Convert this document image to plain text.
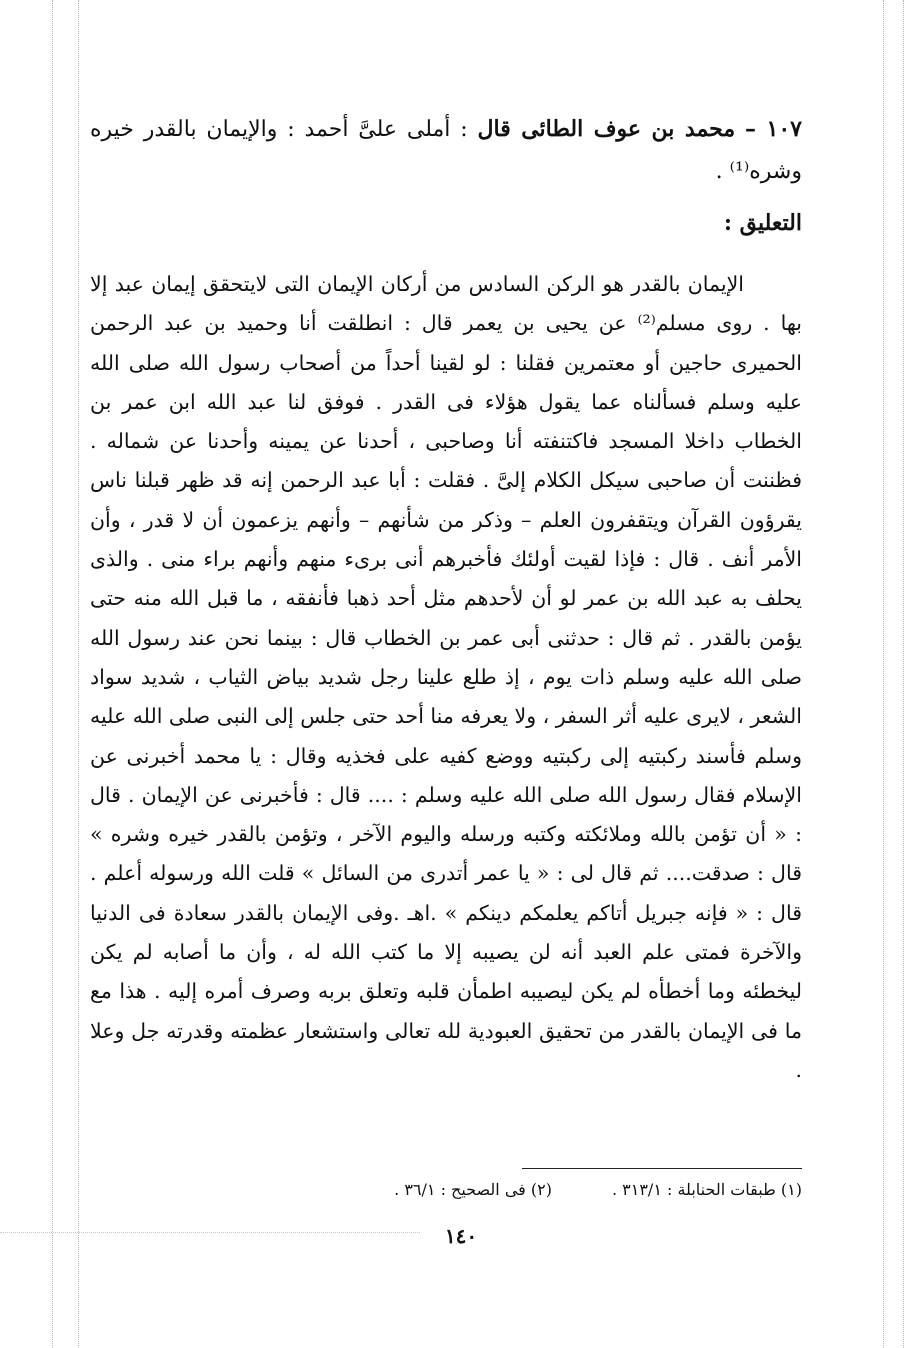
١٠٧ – محمد بن عوف الطائى قال : أملى علىَّ أحمد : والإيمان بالقدر خيره وشره⁽¹⁾ .
التعليق :

الإيمان بالقدر هو الركن السادس من أركان الإيمان التى لايتحقق إيمان عبد إلا بها . روى مسلم⁽²⁾ عن يحيى بن يعمر قال : انطلقت أنا وحميد بن عبد الرحمن الحميرى حاجين أو معتمرين فقلنا : لو لقينا أحداً من أصحاب رسول الله صلى الله عليه وسلم فسألناه عما يقول هؤلاء فى القدر . فوفق لنا عبد الله ابن عمر بن الخطاب داخلا المسجد فاكتنفته أنا وصاحبى ، أحدنا عن يمينه وأحدنا عن شماله . فظننت أن صاحبى سيكل الكلام إلىَّ . فقلت : أبا عبد الرحمن إنه قد ظهر قبلنا ناس يقرؤون القرآن ويتقفرون العلم – وذكر من شأنهم – وأنهم يزعمون أن لا قدر ، وأن الأمر أنف . قال : فإذا لقيت أولئك فأخبرهم أنى برىء منهم وأنهم براء منى . والذى يحلف به عبد الله بن عمر لو أن لأحدهم مثل أحد ذهبا فأنفقه ، ما قبل الله منه حتى يؤمن بالقدر . ثم قال : حدثنى أبى عمر بن الخطاب قال : بينما نحن عند رسول الله صلى الله عليه وسلم ذات يوم ، إذ طلع علينا رجل شديد بياض الثياب ، شديد سواد الشعر ، لايرى عليه أثر السفر ، ولا يعرفه منا أحد حتى جلس إلى النبى صلى الله عليه وسلم فأسند ركبتيه إلى ركبتيه ووضع كفيه على فخذيه وقال : يا محمد أخبرنى عن الإسلام فقال رسول الله صلى الله عليه وسلم : .... قال : فأخبرنى عن الإيمان . قال : « أن تؤمن بالله وملائكته وكتبه ورسله واليوم الآخر ، وتؤمن بالقدر خيره وشره » قال : صدقت.... ثم قال لى : « يا عمر أتدرى من السائل » قلت الله ورسوله أعلم . قال : « فإنه جبريل أتاكم يعلمكم دينكم » .اهـ .وفى الإيمان بالقدر سعادة فى الدنيا والآخرة فمتى علم العبد أنه لن يصيبه إلا ما كتب الله له ، وأن ما أصابه لم يكن ليخطئه وما أخطأه لم يكن ليصيبه اطمأن قلبه وتعلق بربه وصرف أمره إليه . هذا مع ما فى الإيمان بالقدر من تحقيق العبودية لله تعالى واستشعار عظمته وقدرته جل وعلا .

(١) طبقات الحنابلة : ٣١٣/١ .
(٢) فى الصحيح : ٣٦/١ .
١٤٠
